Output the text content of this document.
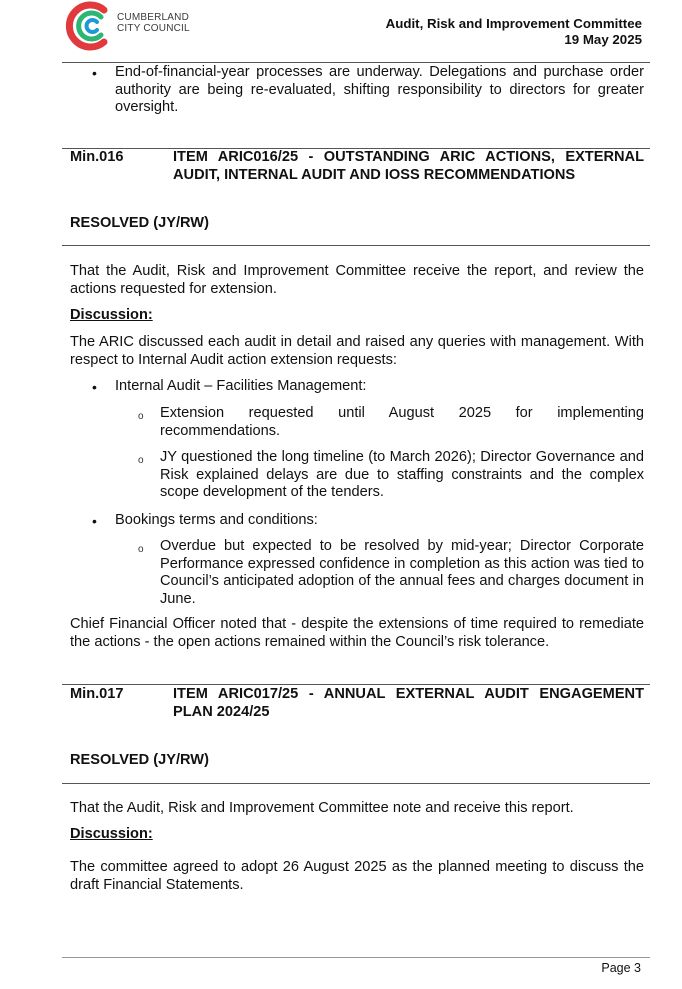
CUMBERLAND
CITY COUNCIL	Audit, Risk and Improvement Committee
19 May 2025
• End-of-financial-year processes are underway. Delegations and purchase order authority are being re-evaluated, shifting responsibility to directors for greater oversight.
Min.016	ITEM ARIC016/25 - OUTSTANDING ARIC ACTIONS, EXTERNAL AUDIT, INTERNAL AUDIT AND IOSS RECOMMENDATIONS
RESOLVED (JY/RW)
That the Audit, Risk and Improvement Committee receive the report, and review the actions requested for extension.
Discussion:
The ARIC discussed each audit in detail and raised any queries with management. With respect to Internal Audit action extension requests:
• Internal Audit – Facilities Management:
o Extension requested until August 2025 for implementing recommendations.
o JY questioned the long timeline (to March 2026); Director Governance and Risk explained delays are due to staffing constraints and the complex scope development of the tenders.
• Bookings terms and conditions:
o Overdue but expected to be resolved by mid-year; Director Corporate Performance expressed confidence in completion as this action was tied to Council’s anticipated adoption of the annual fees and charges document in June.
Chief Financial Officer noted that - despite the extensions of time required to remediate the actions - the open actions remained within the Council’s risk tolerance.
Min.017	ITEM ARIC017/25 - ANNUAL EXTERNAL AUDIT ENGAGEMENT PLAN 2024/25
RESOLVED (JY/RW)
That the Audit, Risk and Improvement Committee note and receive this report.
Discussion:
The committee agreed to adopt 26 August 2025 as the planned meeting to discuss the draft Financial Statements.
Page 3
